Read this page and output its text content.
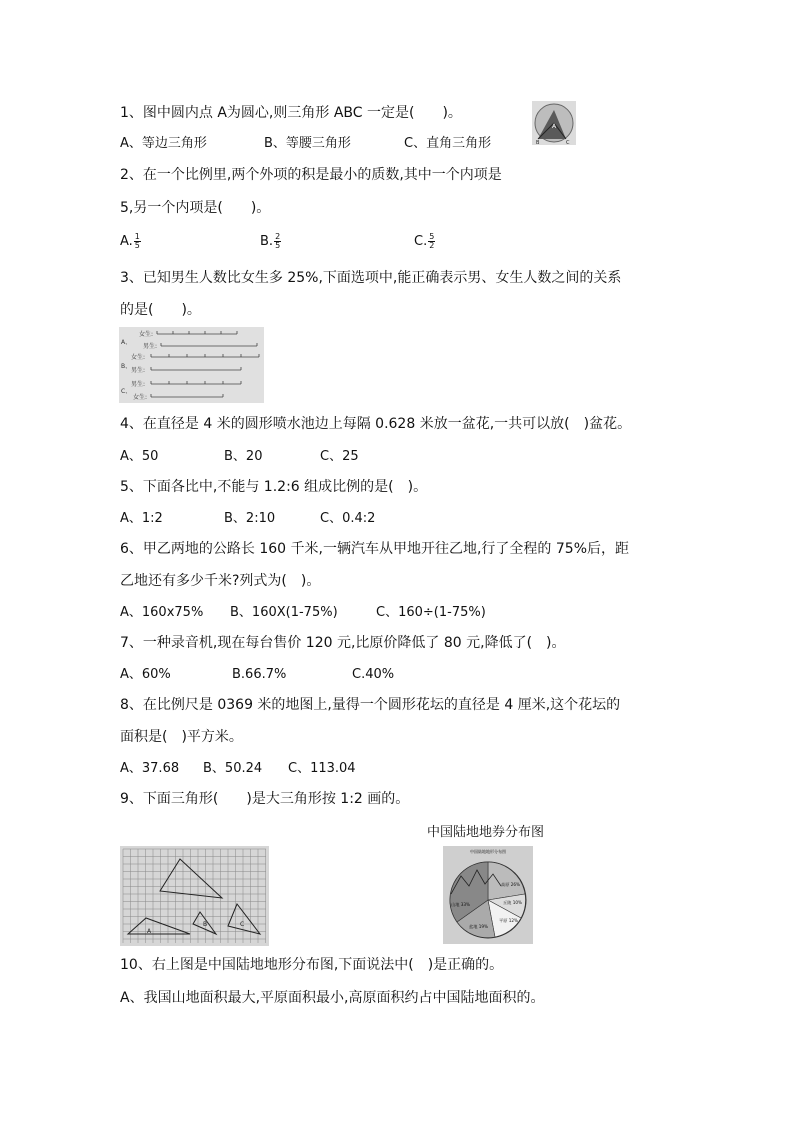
1、图中圆内点 A为圆心,则三角形 ABC 一定是(　　)。
A
B	C
A、等边三角形	B、等腰三角形	C、直角三角形
2、在一个比例里,两个外项的积是最小的质数,其中一个内项是
5,另一个内项是(　　)。
A. $\frac{1}{5}$	B. $\frac{2}{5}$	C. $\frac{5}{2}$
3、已知男生人数比女生多 25%,下面选项中,能正确表示男、女生人数之间的关系
的是(　　)。
A、
B、
C、
女生:
男生:
女生:
男生:
男生:
女生:
4、在直径是 4 米的圆形喷水池边上每隔 0.628 米放一盆花,一共可以放(　)盆花。
A、50	B、20	C、25
5、下面各比中,不能与 1.2:6 组成比例的是(　)。
A、1:2	B、2:10	C、0.4:2
6、甲乙两地的公路长 160 千米,一辆汽车从甲地开往乙地,行了全程的 75%后，距
乙地还有多少千米?列式为(　)。
A、160x75% B、160X(1-75%)	C、160÷(1-75%)
7、一种录音机,现在每台售价 120 元,比原价降低了 80 元,降低了(　)。
A、60%	B.66.7%	C.40%
8、在比例尺是 0369 米的地图上,量得一个圆形花坛的直径是 4 厘米,这个花坛的
面积是(　)平方米。
A、37.68 B、50.24 C、113.04
9、下面三角形(　　)是大三角形按 1:2 画的。
中国陆地地券分布图
A
B	C
中国陆地地形分布图
高原 26%
丘陵 10%
山地 33%
盆地 19%
平原 12%
10、右上图是中国陆地地形分布图,下面说法中(　)是正确的。
A、我国山地面积最大,平原面积最小,高原面积约占中国陆地面积的。
